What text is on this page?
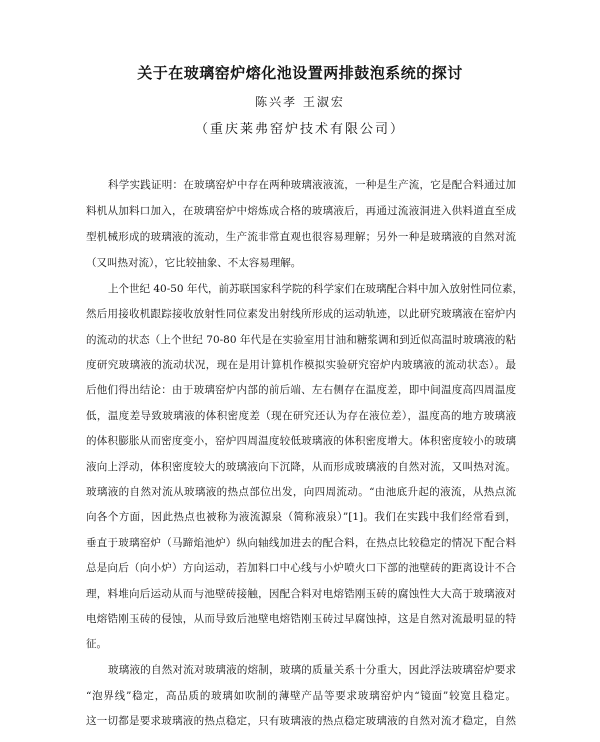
关于在玻璃窑炉熔化池设置两排鼓泡系统的探讨
陈兴孝 王淑宏
（重庆莱弗窑炉技术有限公司）
科学实践证明：在玻璃窑炉中存在两种玻璃液液流，一种是生产流，它是配合料通过加
料机从加料口加入，在玻璃窑炉中熔炼成合格的玻璃液后，再通过流液洞进入供料道直至成
型机械形成的玻璃液的流动，生产流非常直观也很容易理解；另外一种是玻璃液的自然对流
（又叫热对流），它比较抽象、不太容易理解。
上个世纪 40-50 年代，前苏联国家科学院的科学家们在玻璃配合料中加入放射性同位素，
然后用接收机跟踪接收放射性同位素发出射线所形成的运动轨迹，以此研究玻璃液在窑炉内
的流动的状态（上个世纪 70-80 年代是在实验室用甘油和糖浆调和到近似高温时玻璃液的粘
度研究玻璃液的流动状况，现在是用计算机作模拟实验研究窑炉内玻璃液的流动状态）。最
后他们得出结论：由于玻璃窑炉内部的前后端、左右侧存在温度差，即中间温度高四周温度
低，温度差导致玻璃液的体积密度差（现在研究还认为存在液位差），温度高的地方玻璃液
的体积膨胀从而密度变小，窑炉四周温度较低玻璃液的体积密度增大。体积密度较小的玻璃
液向上浮动，体积密度较大的玻璃液向下沉降，从而形成玻璃液的自然对流，又叫热对流。
玻璃液的自然对流从玻璃液的热点部位出发，向四周流动。“由池底升起的液流，从热点流
向各个方面，因此热点也被称为液流源泉（简称液泉）”[1]。我们在实践中我们经常看到，
垂直于玻璃窑炉（马蹄焰池炉）纵向轴线加进去的配合料，在热点比较稳定的情况下配合料
总是向后（向小炉）方向运动，若加料口中心线与小炉喷火口下部的池壁砖的距离设计不合
理，料堆向后运动从而与池壁砖接触，因配合料对电熔锆刚玉砖的腐蚀性大大高于玻璃液对
电熔锆刚玉砖的侵蚀，从而导致后池壁电熔锆刚玉砖过早腐蚀掉，这是自然对流最明显的特
征。
玻璃液的自然对流对玻璃液的熔制，玻璃的质量关系十分重大，因此浮法玻璃窑炉要求
“泡界线”稳定，高品质的玻璃如吹制的薄壁产品等要求玻璃窑炉内“镜面”较宽且稳定。
这一切都是要求玻璃液的热点稳定，只有玻璃液的热点稳定玻璃液的自然对流才稳定，自然
